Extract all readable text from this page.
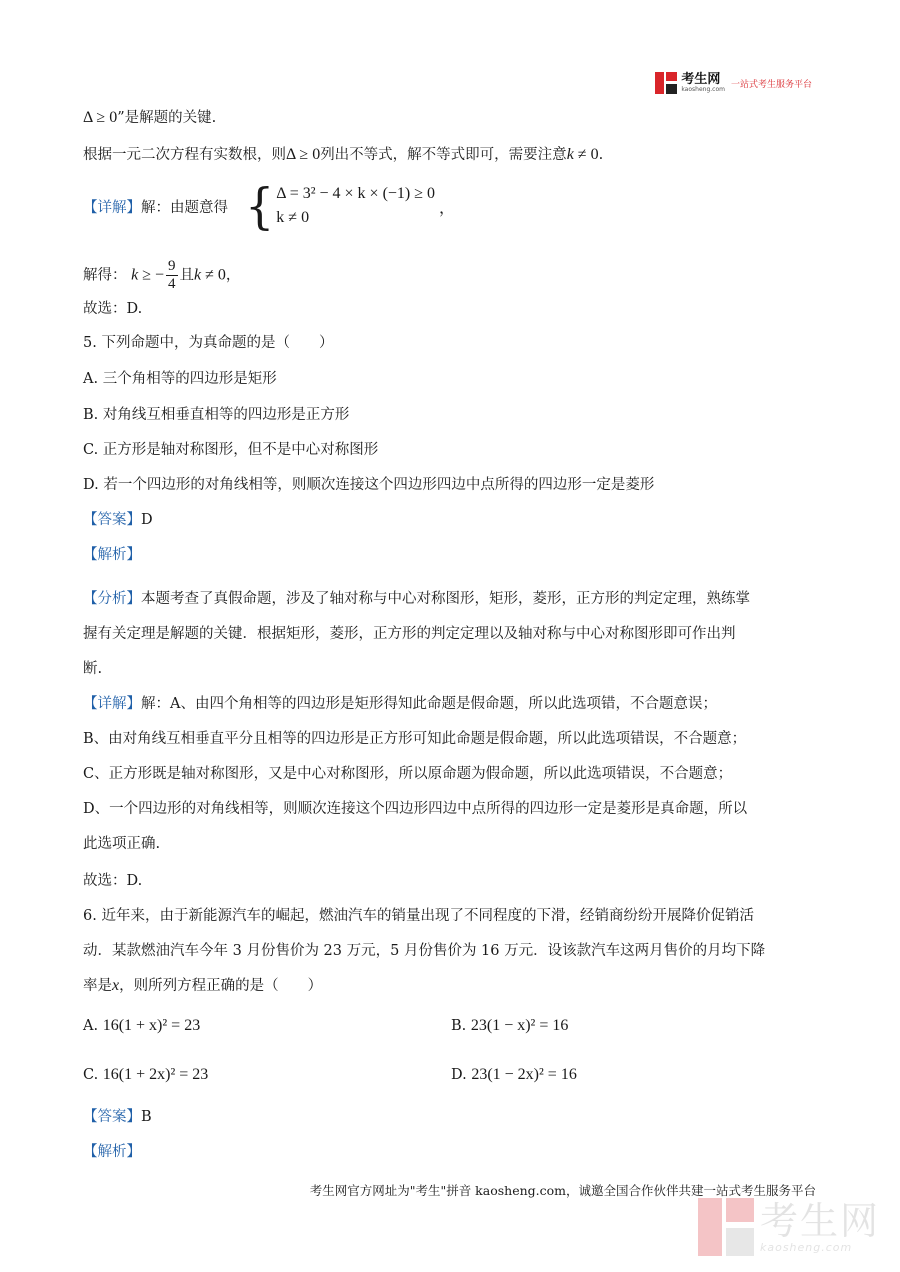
考生网
kaosheng.com 一站式考生服务平台
Δ ≥ 0”是解题的关键.
根据一元二次方程有实数根，则Δ ≥ 0列出不等式，解不等式即可，需要注意k ≠ 0.
【详解】解：由题意得 { Δ = 3² − 4 × k × (−1) ≥ 0
k ≠ 0
，
解得： k ≥ − $\frac{9}{4}$ 且k ≠ 0，
故选：D.
5. 下列命题中，为真命题的是（　　）
A. 三个角相等的四边形是矩形
B. 对角线互相垂直相等的四边形是正方形
C. 正方形是轴对称图形，但不是中心对称图形
D. 若一个四边形的对角线相等，则顺次连接这个四边形四边中点所得的四边形一定是菱形
【答案】D
【解析】
【分析】本题考查了真假命题，涉及了轴对称与中心对称图形，矩形，菱形，正方形的判定定理，熟练掌
握有关定理是解题的关键．根据矩形，菱形，正方形的判定定理以及轴对称与中心对称图形即可作出判
断.
【详解】解：A、由四个角相等的四边形是矩形得知此命题是假命题，所以此选项错，不合题意误；
B、由对角线互相垂直平分且相等的四边形是正方形可知此命题是假命题，所以此选项错误，不合题意；
C、正方形既是轴对称图形，又是中心对称图形，所以原命题为假命题，所以此选项错误，不合题意；
D、一个四边形的对角线相等，则顺次连接这个四边形四边中点所得的四边形一定是菱形是真命题，所以
此选项正确.
故选：D.
6. 近年来，由于新能源汽车的崛起，燃油汽车的销量出现了不同程度的下滑，经销商纷纷开展降价促销活
动．某款燃油汽车今年 3 月份售价为 23 万元，5 月份售价为 16 万元．设该款汽车这两月售价的月均下降
率是x，则所列方程正确的是（　　）
A. 16(1 + x)² = 23	B. 23(1 − x)² = 16
C. 16(1 + 2x)² = 23	D. 23(1 − 2x)² = 16
【答案】B
【解析】
考生网官方网址为"考生"拼音 kaosheng.com，诚邀全国合作伙伴共建一站式考生服务平台
考生网
kaosheng.com
